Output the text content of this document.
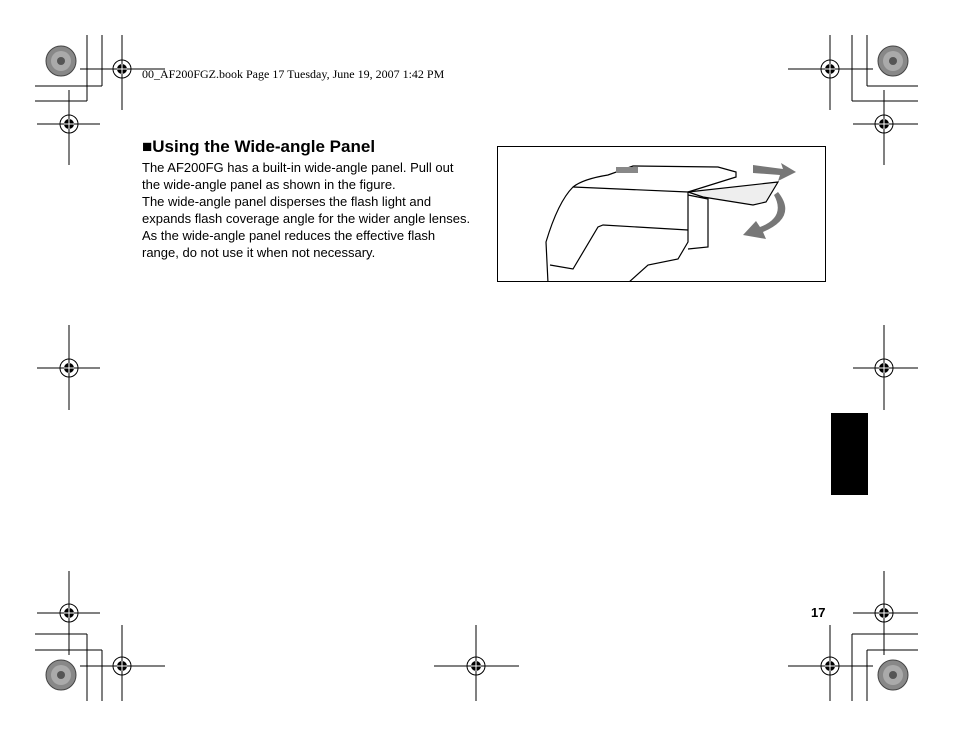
00_AF200FGZ.book Page 17 Tuesday, June 19, 2007 1:42 PM
■Using the Wide-angle Panel

The AF200FG has a built-in wide-angle panel. Pull out the wide-angle panel as shown in the figure.

The wide-angle panel disperses the flash light and expands flash coverage angle for the wider angle lenses.

As the wide-angle panel reduces the effective flash range, do not use it when not necessary.

17
